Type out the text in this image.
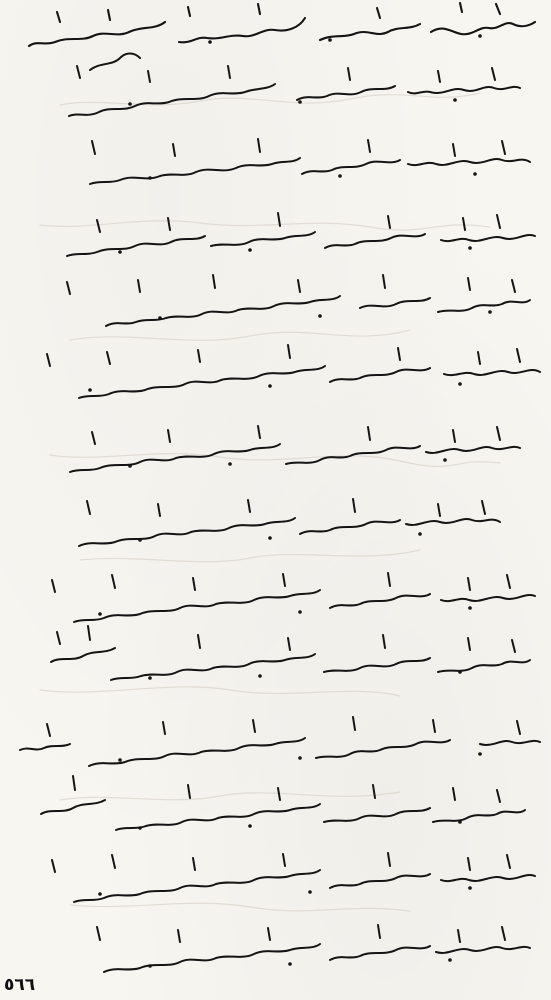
٥٦٦
